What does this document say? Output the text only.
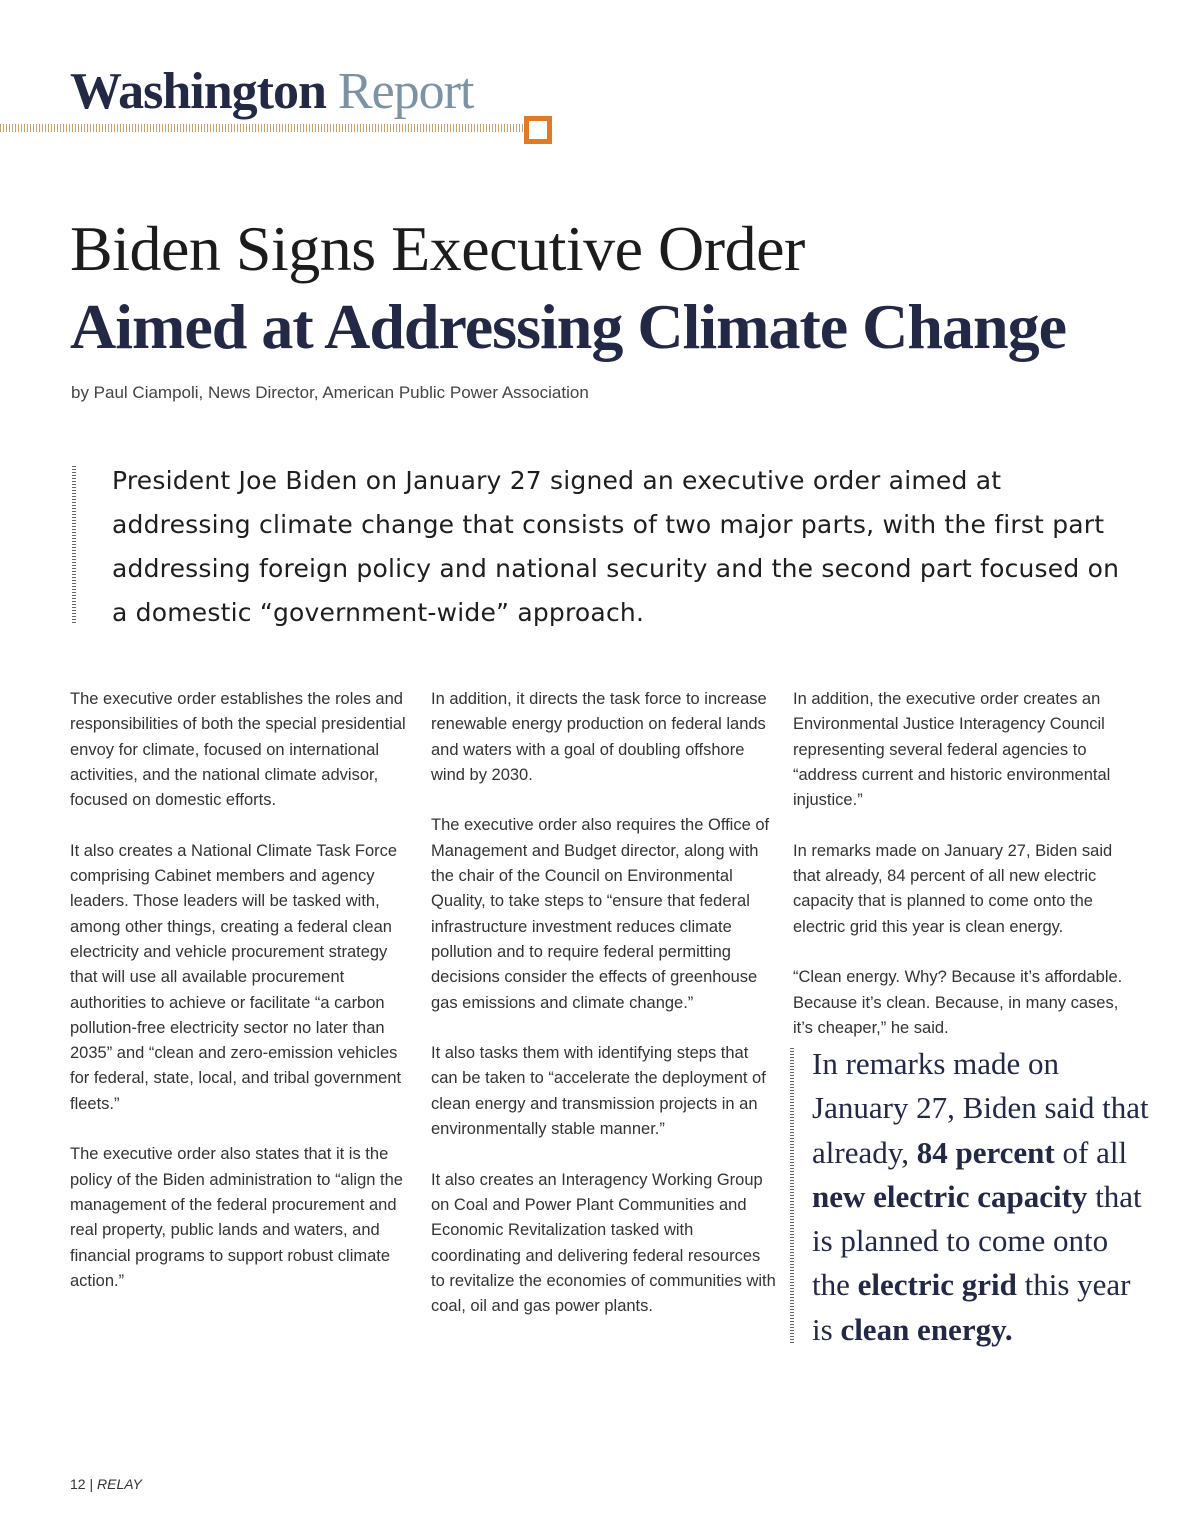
Washington Report
Biden Signs Executive Order
Aimed at Addressing Climate Change
by Paul Ciampoli, News Director, American Public Power Association

President Joe Biden on January 27 signed an executive order aimed at addressing climate change that consists of two major parts, with the first part addressing foreign policy and national security and the second part focused on a domestic “government-wide” approach.

The executive order establishes the roles and responsibilities of both the special presidential envoy for climate, focused on international activities, and the national climate advisor, focused on domestic efforts.

It also creates a National Climate Task Force comprising Cabinet members and agency leaders. Those leaders will be tasked with, among other things, creating a federal clean electricity and vehicle procurement strategy that will use all available procurement authorities to achieve or facilitate “a carbon pollution-free electricity sector no later than 2035” and “clean and zero-emission vehicles for federal, state, local, and tribal government fleets.”

The executive order also states that it is the policy of the Biden administration to “align the management of the federal procurement and real property, public lands and waters, and financial programs to support robust climate action.”

In addition, it directs the task force to increase renewable energy production on federal lands and waters with a goal of doubling offshore wind by 2030.

The executive order also requires the Office of Management and Budget director, along with the chair of the Council on Environmental Quality, to take steps to “ensure that federal infrastructure investment reduces climate pollution and to require federal permitting decisions consider the effects of greenhouse gas emissions and climate change.”

It also tasks them with identifying steps that can be taken to “accelerate the deployment of clean energy and transmission projects in an environmentally stable manner.”

It also creates an Interagency Working Group on Coal and Power Plant Communities and Economic Revitalization tasked with coordinating and delivering federal resources to revitalize the economies of communities with coal, oil and gas power plants.

In addition, the executive order creates an Environmental Justice Interagency Council representing several federal agencies to “address current and historic environmental injustice.”

In remarks made on January 27, Biden said that already, 84 percent of all new electric capacity that is planned to come onto the electric grid this year is clean energy.

“Clean energy. Why? Because it’s affordable. Because it’s clean. Because, in many cases, it’s cheaper,” he said.

In remarks made on January 27, Biden said that already, 84 percent of all new electric capacity that is planned to come onto the electric grid this year is clean energy.

12 | RELAY
